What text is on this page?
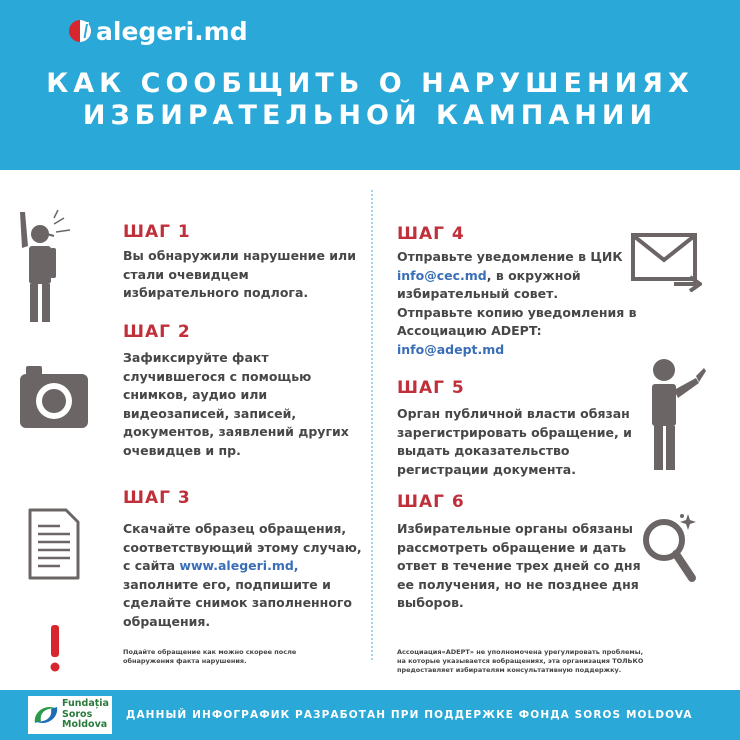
alegeri.md
КАК СООБЩИТЬ О НАРУШЕНИЯХ
ИЗБИРАТЕЛЬНОЙ КАМПАНИИ
ШАГ 1
Вы обнаружили нарушение или
стали очевидцем
избирательного подлога.
ШАГ 2
Зафиксируйте факт
случившегося с помощью
снимков, аудио или
видеозаписей, записей,
документов, заявлений других
очевидцев и пр.
ШАГ 3
Скачайте образец обращения,
соответствующий этому случаю,
с сайта www.alegeri.md,
заполните его, подпишите и
сделайте снимок заполненного
обращения.
Подайте обращение как можно скорее после
обнаружения факта нарушения.
ШАГ 4
Отправьте уведомление в ЦИК
info@cec.md, в окружной
избирательный совет.
Отправьте копию уведомления в
Ассоциацию ADEPT:
info@adept.md
ШАГ 5
Орган публичной власти обязан
зарегистрировать обращение, и
выдать доказательство
регистрации документа.
ШАГ 6
Избирательные органы обязаны
рассмотреть обращение и дать
ответ в течение трех дней со дня
ее получения, но не позднее дня
выборов.
Ассоциация«ADEPT» не уполномочена урегулировать проблемы,
на которые указывается вобращениях, эта организация ТОЛЬКО
предоставляет избирателям консультативную поддержку.
Fundația
Soros
Moldova
ДАННЫЙ ИНФОГРАФИК РАЗРАБОТАН ПРИ ПОДДЕРЖКЕ ФОНДА SOROS MOLDOVA
